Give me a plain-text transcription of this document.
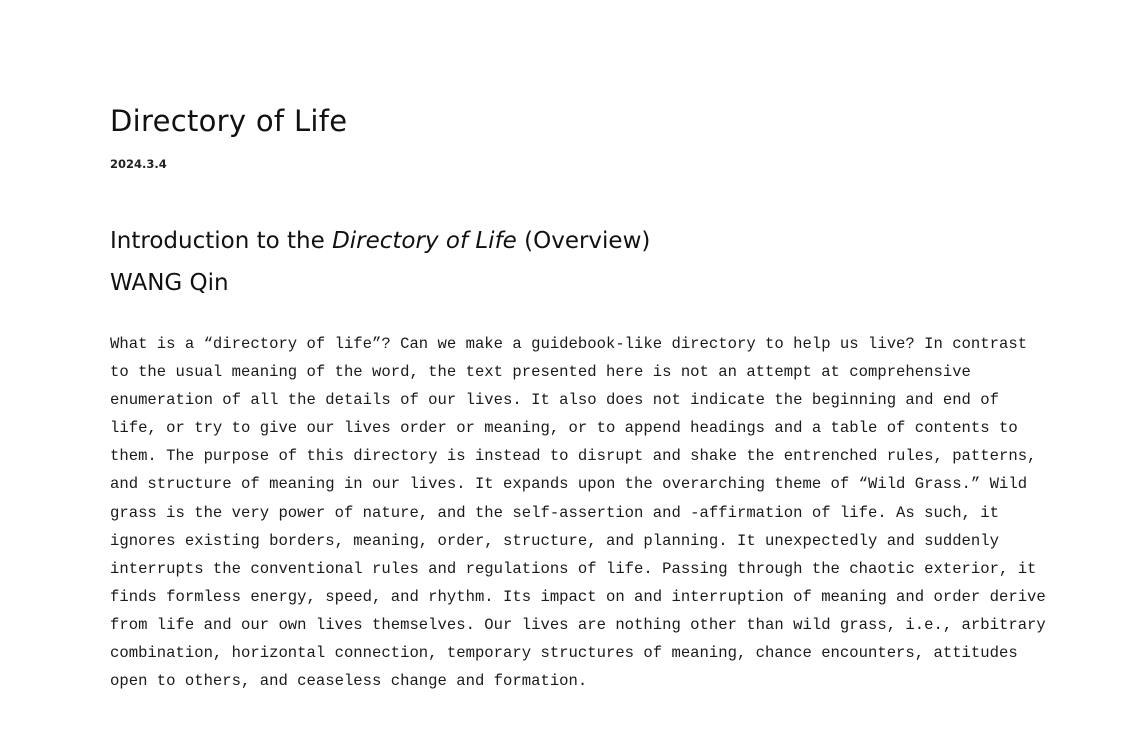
Directory of Life
2024.3.4
Introduction to the Directory of Life (Overview)
WANG Qin
What is a “directory of life”? Can we make a guidebook-like directory to help us live? In contrast
to the usual meaning of the word, the text presented here is not an attempt at comprehensive
enumeration of all the details of our lives. It also does not indicate the beginning and end of
life, or try to give our lives order or meaning, or to append headings and a table of contents to
them. The purpose of this directory is instead to disrupt and shake the entrenched rules, patterns,
and structure of meaning in our lives. It expands upon the overarching theme of “Wild Grass.” Wild
grass is the very power of nature, and the self-assertion and -affirmation of life. As such, it
ignores existing borders, meaning, order, structure, and planning. It unexpectedly and suddenly
interrupts the conventional rules and regulations of life. Passing through the chaotic exterior, it
finds formless energy, speed, and rhythm. Its impact on and interruption of meaning and order derive
from life and our own lives themselves. Our lives are nothing other than wild grass, i.e., arbitrary
combination, horizontal connection, temporary structures of meaning, chance encounters, attitudes
open to others, and ceaseless change and formation.
